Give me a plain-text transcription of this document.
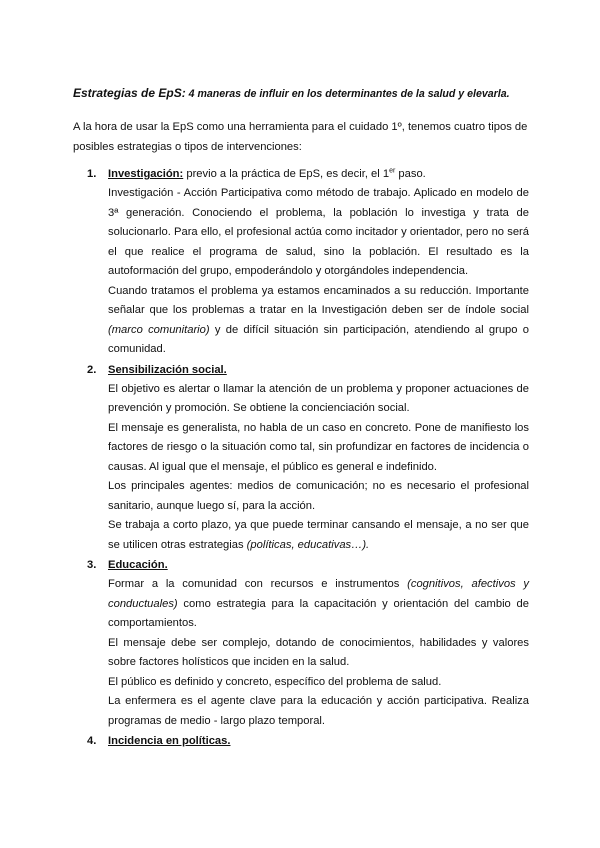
Estrategias de EpS: 4 maneras de influir en los determinantes de la salud y elevarla.
A la hora de usar la EpS como una herramienta para el cuidado 1º, tenemos cuatro tipos de posibles estrategias o tipos de intervenciones:
1. Investigación: previo a la práctica de EpS, es decir, el 1er paso.
Investigación - Acción Participativa como método de trabajo. Aplicado en modelo de 3ª generación. Conociendo el problema, la población lo investiga y trata de solucionarlo. Para ello, el profesional actúa como incitador y orientador, pero no será el que realice el programa de salud, sino la población. El resultado es la autoformación del grupo, empoderándolo y otorgándoles independencia.
Cuando tratamos el problema ya estamos encaminados a su reducción. Importante señalar que los problemas a tratar en la Investigación deben ser de índole social (marco comunitario) y de difícil situación sin participación, atendiendo al grupo o comunidad.
2. Sensibilización social.
El objetivo es alertar o llamar la atención de un problema y proponer actuaciones de prevención y promoción. Se obtiene la concienciación social.
El mensaje es generalista, no habla de un caso en concreto. Pone de manifiesto los factores de riesgo o la situación como tal, sin profundizar en factores de incidencia o causas. Al igual que el mensaje, el público es general e indefinido.
Los principales agentes: medios de comunicación; no es necesario el profesional sanitario, aunque luego sí, para la acción.
Se trabaja a corto plazo, ya que puede terminar cansando el mensaje, a no ser que se utilicen otras estrategias (políticas, educativas…).
3. Educación.
Formar a la comunidad con recursos e instrumentos (cognitivos, afectivos y conductuales) como estrategia para la capacitación y orientación del cambio de comportamientos.
El mensaje debe ser complejo, dotando de conocimientos, habilidades y valores sobre factores holísticos que inciden en la salud.
El público es definido y concreto, específico del problema de salud.
La enfermera es el agente clave para la educación y acción participativa. Realiza programas de medio - largo plazo temporal.
4. Incidencia en políticas.
